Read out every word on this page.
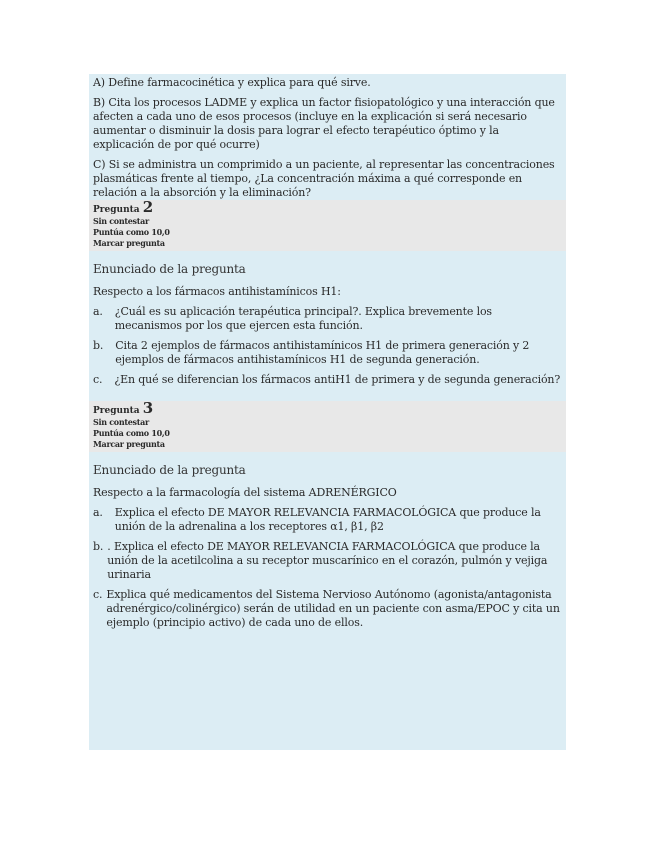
A) Define farmacocinética y explica para qué sirve.

B) Cita los procesos LADME y explica un factor fisiopatológico y una interacción que afecten a cada uno de esos procesos (incluye en la explicación si será necesario aumentar o disminuir la dosis para lograr el efecto terapéutico óptimo y la explicación de por qué ocurre)

C) Si se administra un comprimido a un paciente, al representar las concentraciones plasmáticas frente al tiempo, ¿La concentración máxima a qué corresponde en relación a la absorción y la eliminación?

Pregunta 2

Sin contestar

Puntúa como 10,0

Marcar pregunta

Enunciado de la pregunta

Respecto a los fármacos antihistamínicos H1:

a. ¿Cuál es su aplicación terapéutica principal?. Explica brevemente los mecanismos por los que ejercen esta función.
b. Cita 2 ejemplos de fármacos antihistamínicos H1 de primera generación y 2 ejemplos de fármacos antihistamínicos H1 de segunda generación.
c. ¿En qué se diferencian los fármacos antiH1 de primera y de segunda generación?

Pregunta 3

Sin contestar

Puntúa como 10,0

Marcar pregunta

Enunciado de la pregunta

Respecto a la farmacología del sistema ADRENÉRGICO

a. Explica el efecto DE MAYOR RELEVANCIA FARMACOLÓGICA que produce la unión de la adrenalina a los receptores α1, β1, β2
b. . Explica el efecto DE MAYOR RELEVANCIA FARMACOLÓGICA que produce la unión de la acetilcolina a su receptor muscarínico en el corazón, pulmón y vejiga urinaria
c. Explica qué medicamentos del Sistema Nervioso Autónomo (agonista/antagonista adrenérgico/colinérgico) serán de utilidad en un paciente con asma/EPOC y cita un ejemplo (principio activo) de cada uno de ellos.
